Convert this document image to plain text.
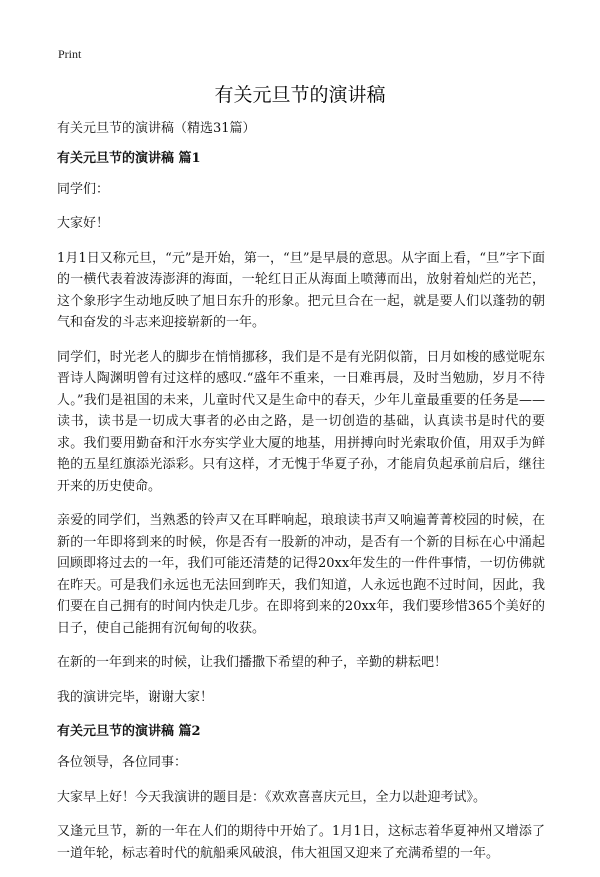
Print
有关元旦节的演讲稿

有关元旦节的演讲稿（精选31篇）

有关元旦节的演讲稿 篇1

同学们：

大家好！

1月1日又称元旦，“元”是开始，第一，“旦”是早晨的意思。从字面上看，“旦”字下面的一横代表着波涛澎湃的海面，一轮红日正从海面上喷薄而出，放射着灿烂的光芒，这个象形字生动地反映了旭日东升的形象。把元旦合在一起，就是要人们以蓬勃的朝气和奋发的斗志来迎接崭新的一年。

同学们，时光老人的脚步在悄悄挪移，我们是不是有光阴似箭，日月如梭的感觉呢东晋诗人陶渊明曾有过这样的感叹.“盛年不重来，一日难再晨，及时当勉励，岁月不待人。”我们是祖国的未来，儿童时代又是生命中的春天，少年儿童最重要的任务是——读书，读书是一切成大事者的必由之路，是一切创造的基础，认真读书是时代的要求。我们要用勤奋和汗水夯实学业大厦的地基，用拼搏向时光索取价值，用双手为鲜艳的五星红旗添光添彩。只有这样，才无愧于华夏子孙，才能肩负起承前启后，继往开来的历史使命。

亲爱的同学们，当熟悉的铃声又在耳畔响起，琅琅读书声又响遍菁菁校园的时候，在新的一年即将到来的时候，你是否有一股新的冲动，是否有一个新的目标在心中涌起 回顾即将过去的一年，我们可能还清楚的记得20xx年发生的一件件事情，一切仿佛就在昨天。可是我们永远也无法回到昨天，我们知道，人永远也跑不过时间，因此，我们要在自己拥有的时间内快走几步。在即将到来的20xx年，我们要珍惜365个美好的日子，使自己能拥有沉甸甸的收获。

在新的一年到来的时候，让我们播撒下希望的种子，辛勤的耕耘吧！

我的演讲完毕，谢谢大家！

有关元旦节的演讲稿 篇2

各位领导，各位同事：

大家早上好！今天我演讲的题目是：《欢欢喜喜庆元旦，全力以赴迎考试》。

又逢元旦节，新的一年在人们的期待中开始了。1月1日，这标志着华夏神州又增添了一道年轮，标志着时代的航船乘风破浪，伟大祖国又迎来了充满希望的一年。
